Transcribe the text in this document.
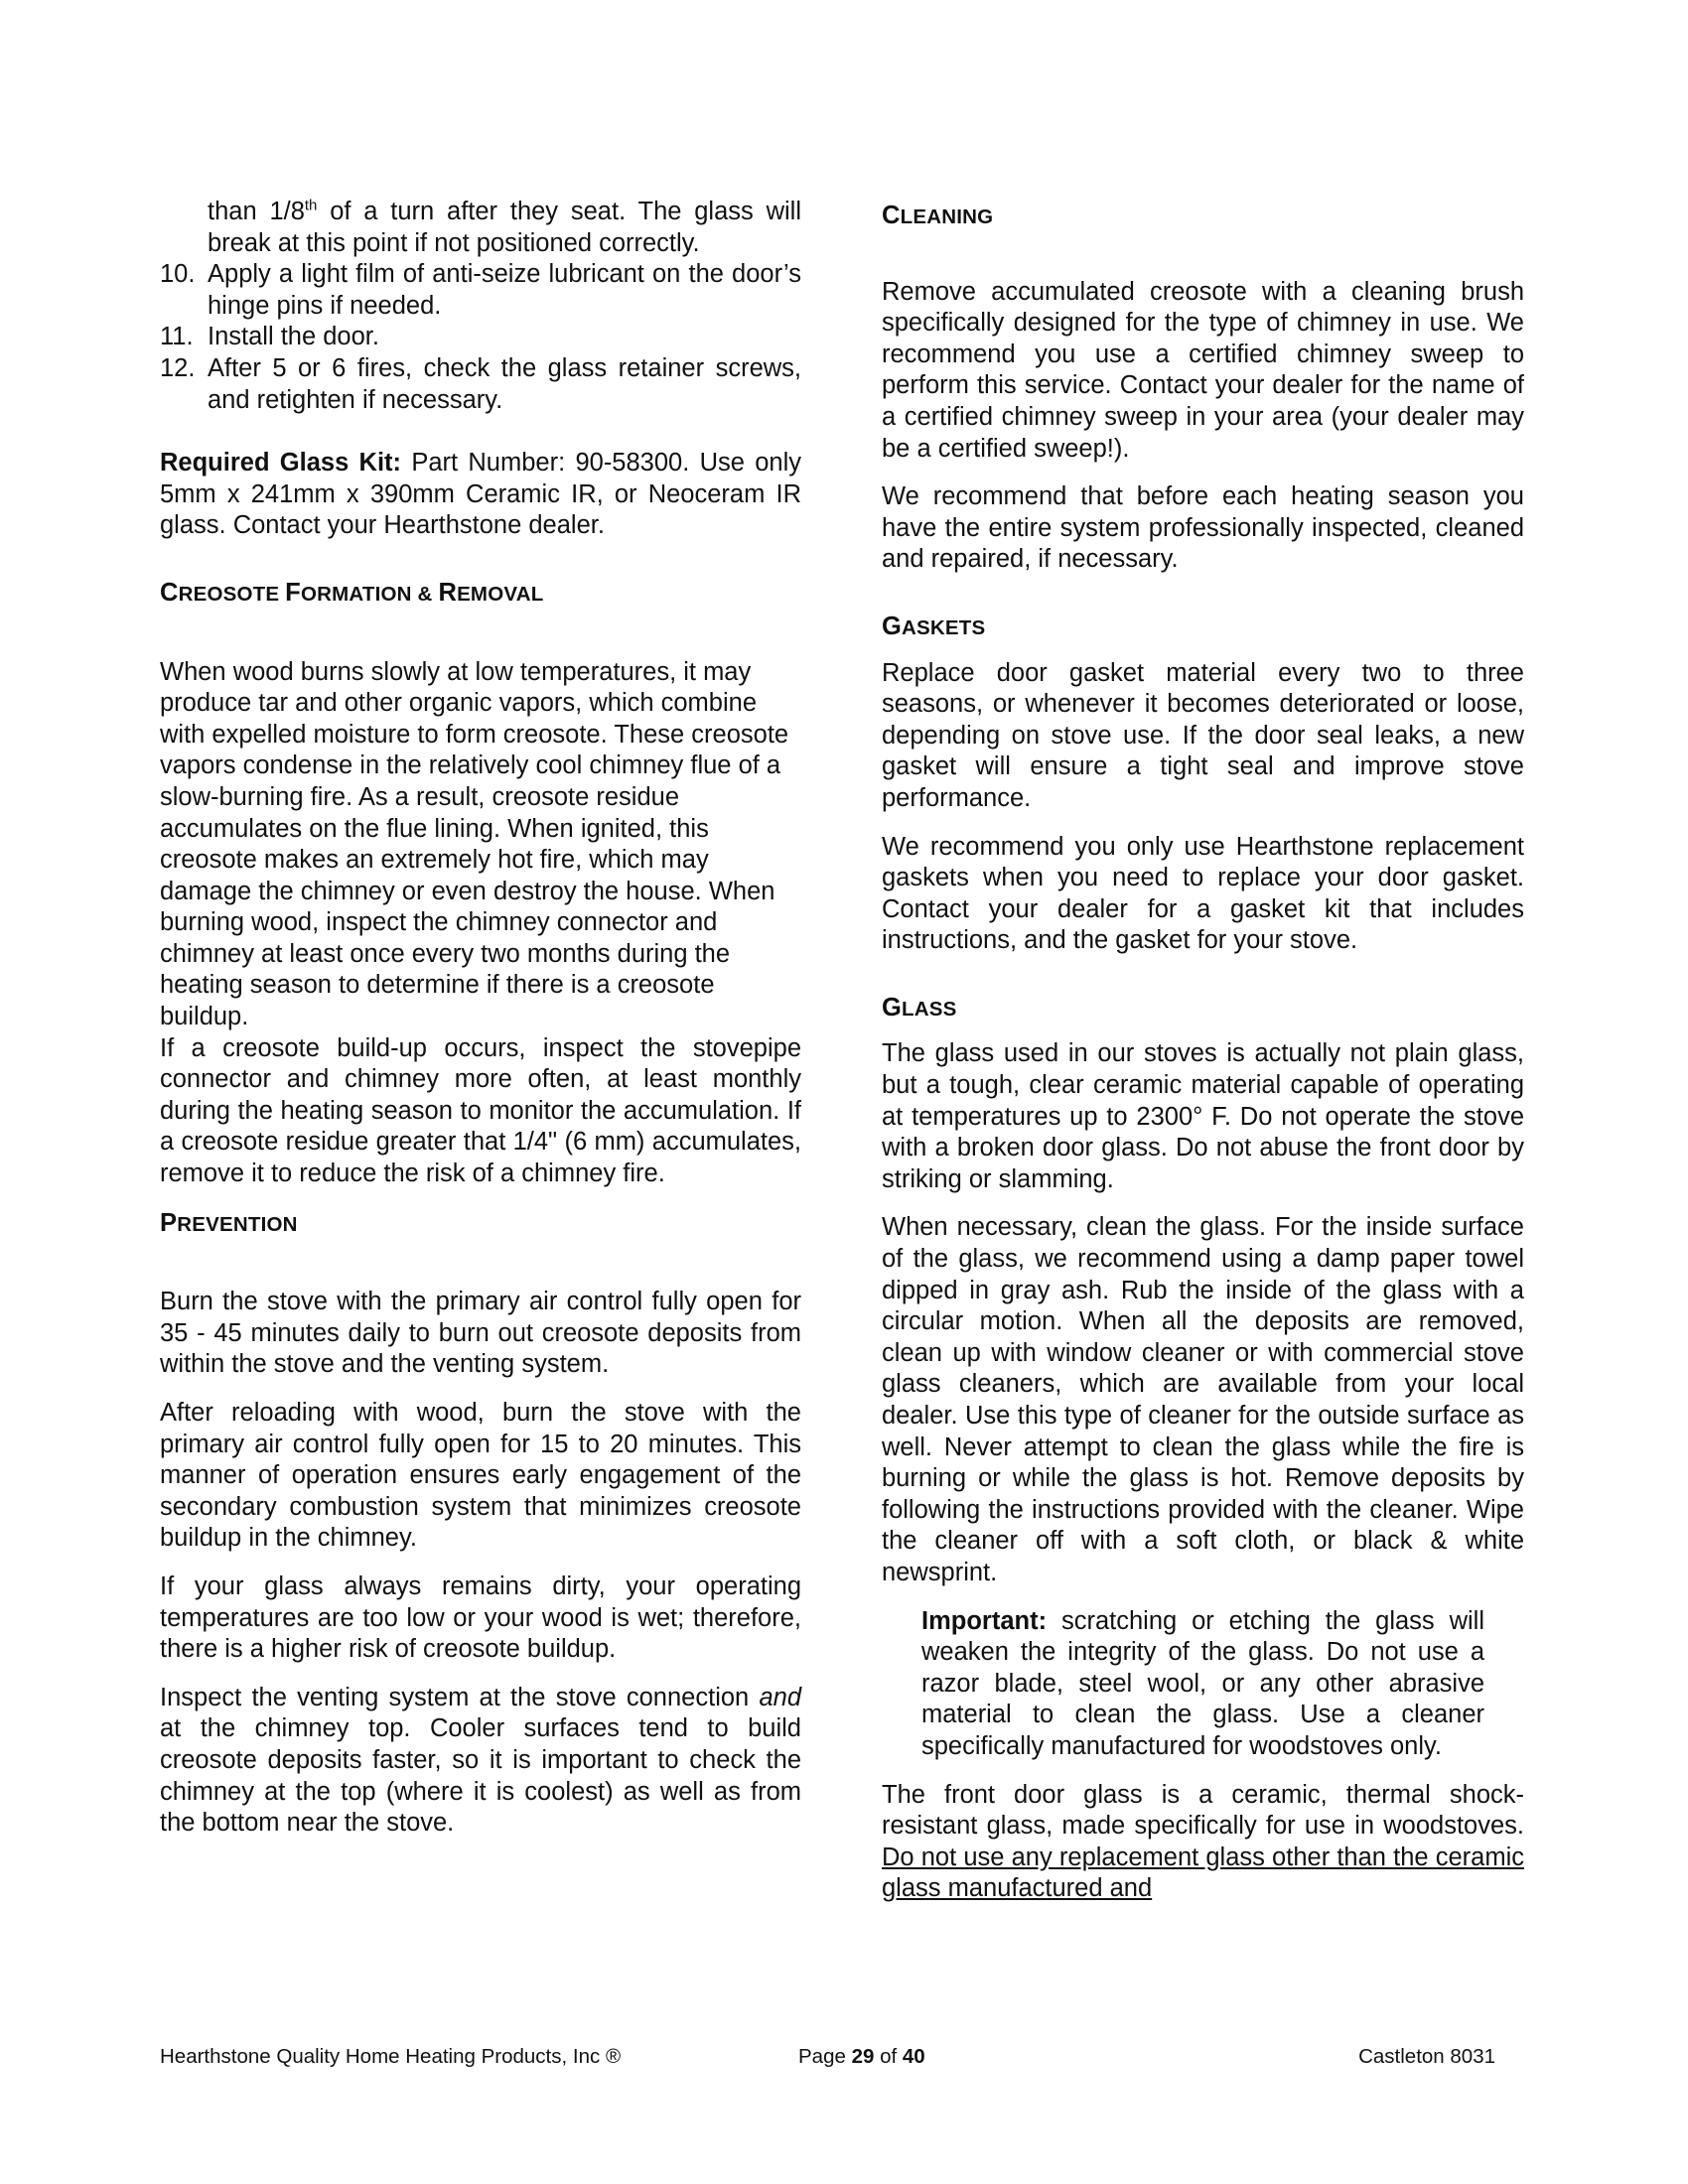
than 1/8th of a turn after they seat. The glass will break at this point if not positioned correctly.
10. Apply a light film of anti-seize lubricant on the door’s hinge pins if needed.
11. Install the door.
12. After 5 or 6 fires, check the glass retainer screws, and retighten if necessary.

Required Glass Kit: Part Number: 90-58300. Use only 5mm x 241mm x 390mm Ceramic IR, or Neoceram IR glass. Contact your Hearthstone dealer.

CREOSOTE FORMATION & REMOVAL

When wood burns slowly at low temperatures, it may produce tar and other organic vapors, which combine with expelled moisture to form creosote. These creosote vapors condense in the relatively cool chimney flue of a slow-burning fire. As a result, creosote residue accumulates on the flue lining. When ignited, this creosote makes an extremely hot fire, which may damage the chimney or even destroy the house. When burning wood, inspect the chimney connector and chimney at least once every two months during the heating season to determine if there is a creosote buildup.

If a creosote build-up occurs, inspect the stovepipe connector and chimney more often, at least monthly during the heating season to monitor the accumulation. If a creosote residue greater that 1/4" (6 mm) accumulates, remove it to reduce the risk of a chimney fire.

PREVENTION

Burn the stove with the primary air control fully open for 35 - 45 minutes daily to burn out creosote deposits from within the stove and the venting system.

After reloading with wood, burn the stove with the primary air control fully open for 15 to 20 minutes. This manner of operation ensures early engagement of the secondary combustion system that minimizes creosote buildup in the chimney.

If your glass always remains dirty, your operating temperatures are too low or your wood is wet; therefore, there is a higher risk of creosote buildup.

Inspect the venting system at the stove connection and at the chimney top. Cooler surfaces tend to build creosote deposits faster, so it is important to check the chimney at the top (where it is coolest) as well as from the bottom near the stove.

CLEANING

Remove accumulated creosote with a cleaning brush specifically designed for the type of chimney in use. We recommend you use a certified chimney sweep to perform this service. Contact your dealer for the name of a certified chimney sweep in your area (your dealer may be a certified sweep!).

We recommend that before each heating season you have the entire system professionally inspected, cleaned and repaired, if necessary.

GASKETS

Replace door gasket material every two to three seasons, or whenever it becomes deteriorated or loose, depending on stove use. If the door seal leaks, a new gasket will ensure a tight seal and improve stove performance.

We recommend you only use Hearthstone replacement gaskets when you need to replace your door gasket. Contact your dealer for a gasket kit that includes instructions, and the gasket for your stove.

GLASS

The glass used in our stoves is actually not plain glass, but a tough, clear ceramic material capable of operating at temperatures up to 2300° F. Do not operate the stove with a broken door glass. Do not abuse the front door by striking or slamming.

When necessary, clean the glass. For the inside surface of the glass, we recommend using a damp paper towel dipped in gray ash. Rub the inside of the glass with a circular motion. When all the deposits are removed, clean up with window cleaner or with commercial stove glass cleaners, which are available from your local dealer. Use this type of cleaner for the outside surface as well. Never attempt to clean the glass while the fire is burning or while the glass is hot. Remove deposits by following the instructions provided with the cleaner. Wipe the cleaner off with a soft cloth, or black & white newsprint.

Important: scratching or etching the glass will weaken the integrity of the glass. Do not use a razor blade, steel wool, or any other abrasive material to clean the glass. Use a cleaner specifically manufactured for woodstoves only.

The front door glass is a ceramic, thermal shock-resistant glass, made specifically for use in woodstoves. Do not use any replacement glass other than the ceramic glass manufactured and

Hearthstone Quality Home Heating Products, Inc ®	Page 29 of 40	Castleton 8031
